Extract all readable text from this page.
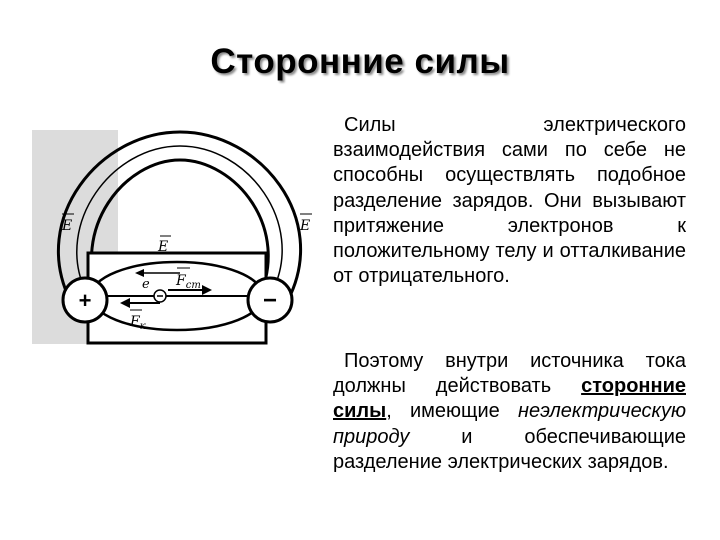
Сторонние силы
e
+	−
E	E
E
$F_{ст}$
$F_к$

Силы электрического взаимодействия сами по себе не способны осуществлять подобное разделение зарядов. Они вызывают притяжение электронов к положительному телу и отталкивание от отрицательного.

Поэтому внутри источника тока должны действовать сторонние силы, имеющие неэлектрическую природу и обеспечивающие разделение электрических зарядов.
